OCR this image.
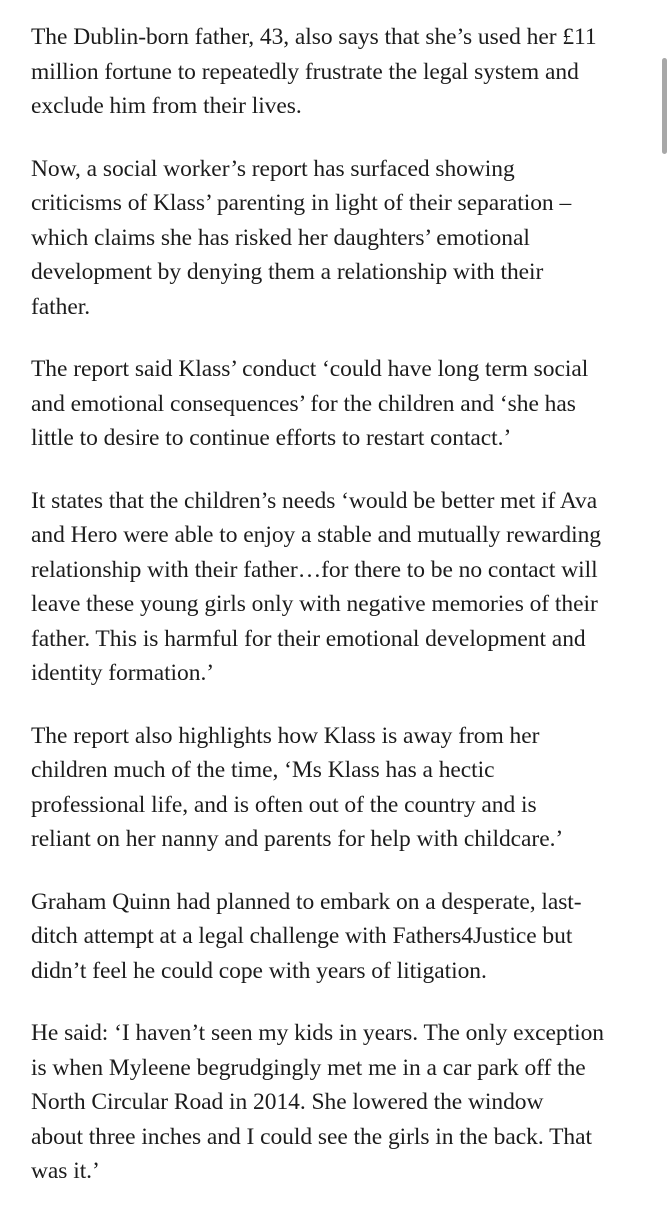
The Dublin-born father, 43, also says that she’s used her £11
million fortune to repeatedly frustrate the legal system and
exclude him from their lives.

Now, a social worker’s report has surfaced showing
criticisms of Klass’ parenting in light of their separation –
which claims she has risked her daughters’ emotional
development by denying them a relationship with their
father.

The report said Klass’ conduct ‘could have long term social
and emotional consequences’ for the children and ‘she has
little to desire to continue efforts to restart contact.’

It states that the children’s needs ‘would be better met if Ava
and Hero were able to enjoy a stable and mutually rewarding
relationship with their father…for there to be no contact will
leave these young girls only with negative memories of their
father. This is harmful for their emotional development and
identity formation.’

The report also highlights how Klass is away from her
children much of the time, ‘Ms Klass has a hectic
professional life, and is often out of the country and is
reliant on her nanny and parents for help with childcare.’

Graham Quinn had planned to embark on a desperate, last-
ditch attempt at a legal challenge with Fathers4Justice but
didn’t feel he could cope with years of litigation.

He said: ‘I haven’t seen my kids in years. The only exception
is when Myleene begrudgingly met me in a car park off the
North Circular Road in 2014. She lowered the window
about three inches and I could see the girls in the back. That
was it.’
